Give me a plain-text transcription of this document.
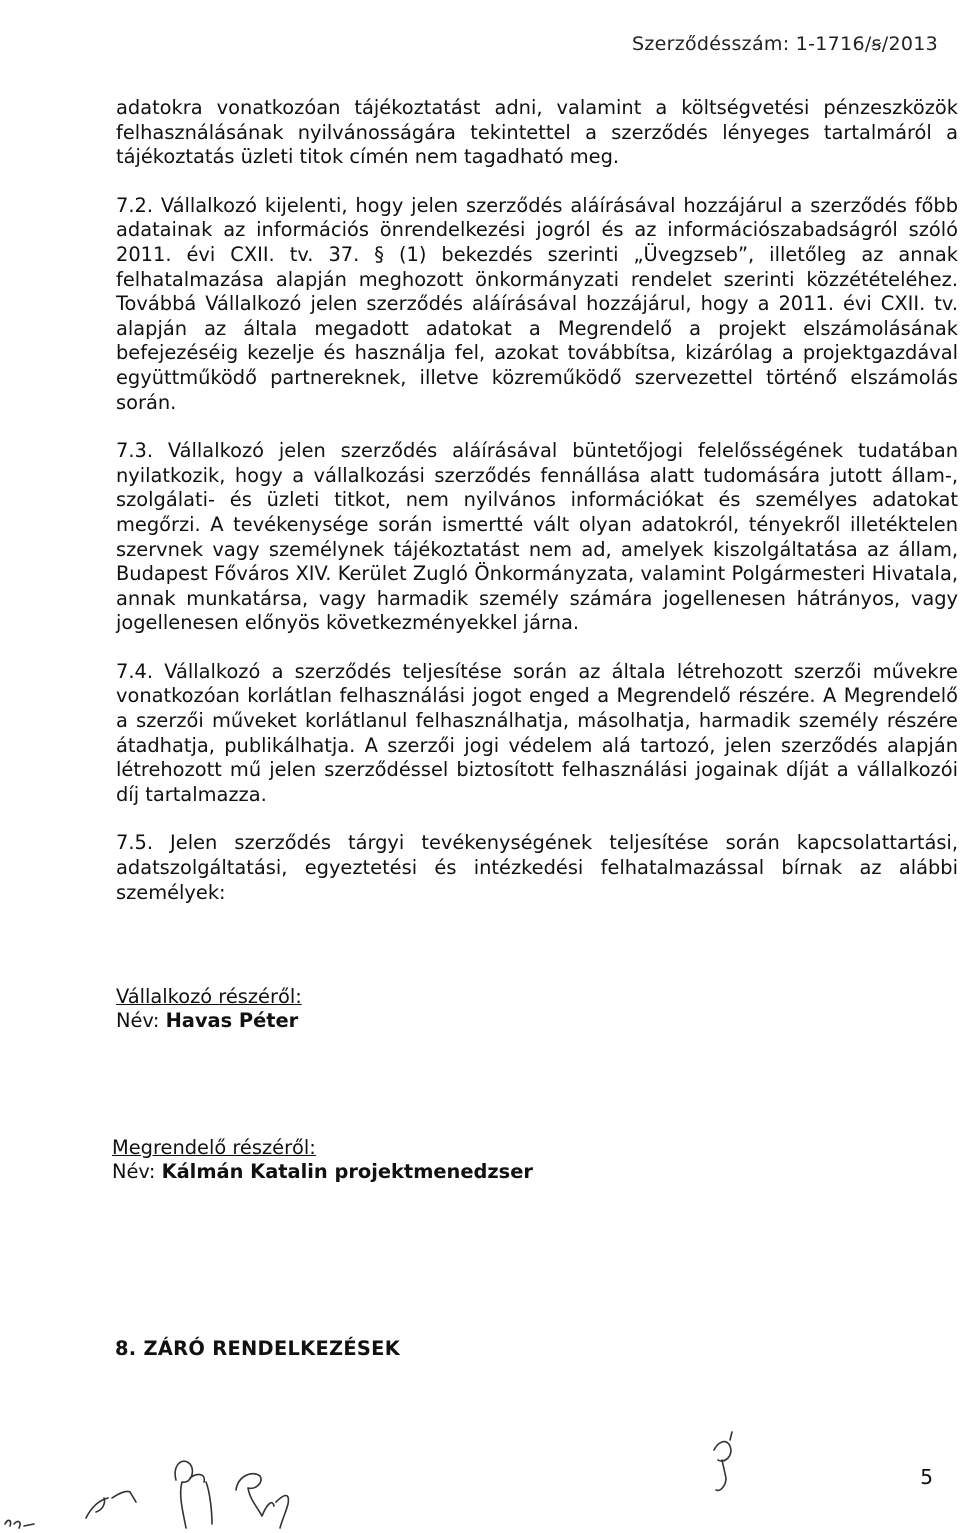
Szerződésszám: 1-1716/ꞩ/2013

adatokra vonatkozóan tájékoztatást adni, valamint a költségvetési pénzeszközök felhasználásának nyilvánosságára tekintettel a szerződés lényeges tartalmáról a tájékoztatás üzleti titok címén nem tagadható meg.

7.2. Vállalkozó kijelenti, hogy jelen szerződés aláírásával hozzájárul a szerződés főbb adatainak az információs önrendelkezési jogról és az információszabadságról szóló 2011. évi CXII. tv. 37. § (1) bekezdés szerinti „Üvegzseb”, illetőleg az annak felhatalmazása alapján meghozott önkormányzati rendelet szerinti közzétételéhez. Továbbá Vállalkozó jelen szerződés aláírásával hozzájárul, hogy a 2011. évi CXII. tv. alapján az általa megadott adatokat a Megrendelő a projekt elszámolásának befejezéséig kezelje és használja fel, azokat továbbítsa, kizárólag a projektgazdával együttműködő partnereknek, illetve közreműködő szervezettel történő elszámolás során.

7.3. Vállalkozó jelen szerződés aláírásával büntetőjogi felelősségének tudatában nyilatkozik, hogy a vállalkozási szerződés fennállása alatt tudomására jutott állam-, szolgálati- és üzleti titkot, nem nyilvános információkat és személyes adatokat megőrzi. A tevékenysége során ismertté vált olyan adatokról, tényekről illetéktelen szervnek vagy személynek tájékoztatást nem ad, amelyek kiszolgáltatása az állam, Budapest Főváros XIV. Kerület Zugló Önkormányzata, valamint Polgármesteri Hivatala, annak munkatársa, vagy harmadik személy számára jogellenesen hátrányos, vagy jogellenesen előnyös következményekkel járna.

7.4. Vállalkozó a szerződés teljesítése során az általa létrehozott szerzői művekre vonatkozóan korlátlan felhasználási jogot enged a Megrendelő részére. A Megrendelő a szerzői műveket korlátlanul felhasználhatja, másolhatja, harmadik személy részére átadhatja, publikálhatja. A szerzői jogi védelem alá tartozó, jelen szerződés alapján létrehozott mű jelen szerződéssel biztosított felhasználási jogainak díját a vállalkozói díj tartalmazza.

7.5. Jelen szerződés tárgyi tevékenységének teljesítése során kapcsolattartási, adatszolgáltatási, egyeztetési és intézkedési felhatalmazással bírnak az alábbi személyek:

Vállalkozó részéről:

Név: Havas Péter

Megrendelő részéről:

Név: Kálmán Katalin projektmenedzser

8. ZÁRÓ RENDELKEZÉSEK
5
